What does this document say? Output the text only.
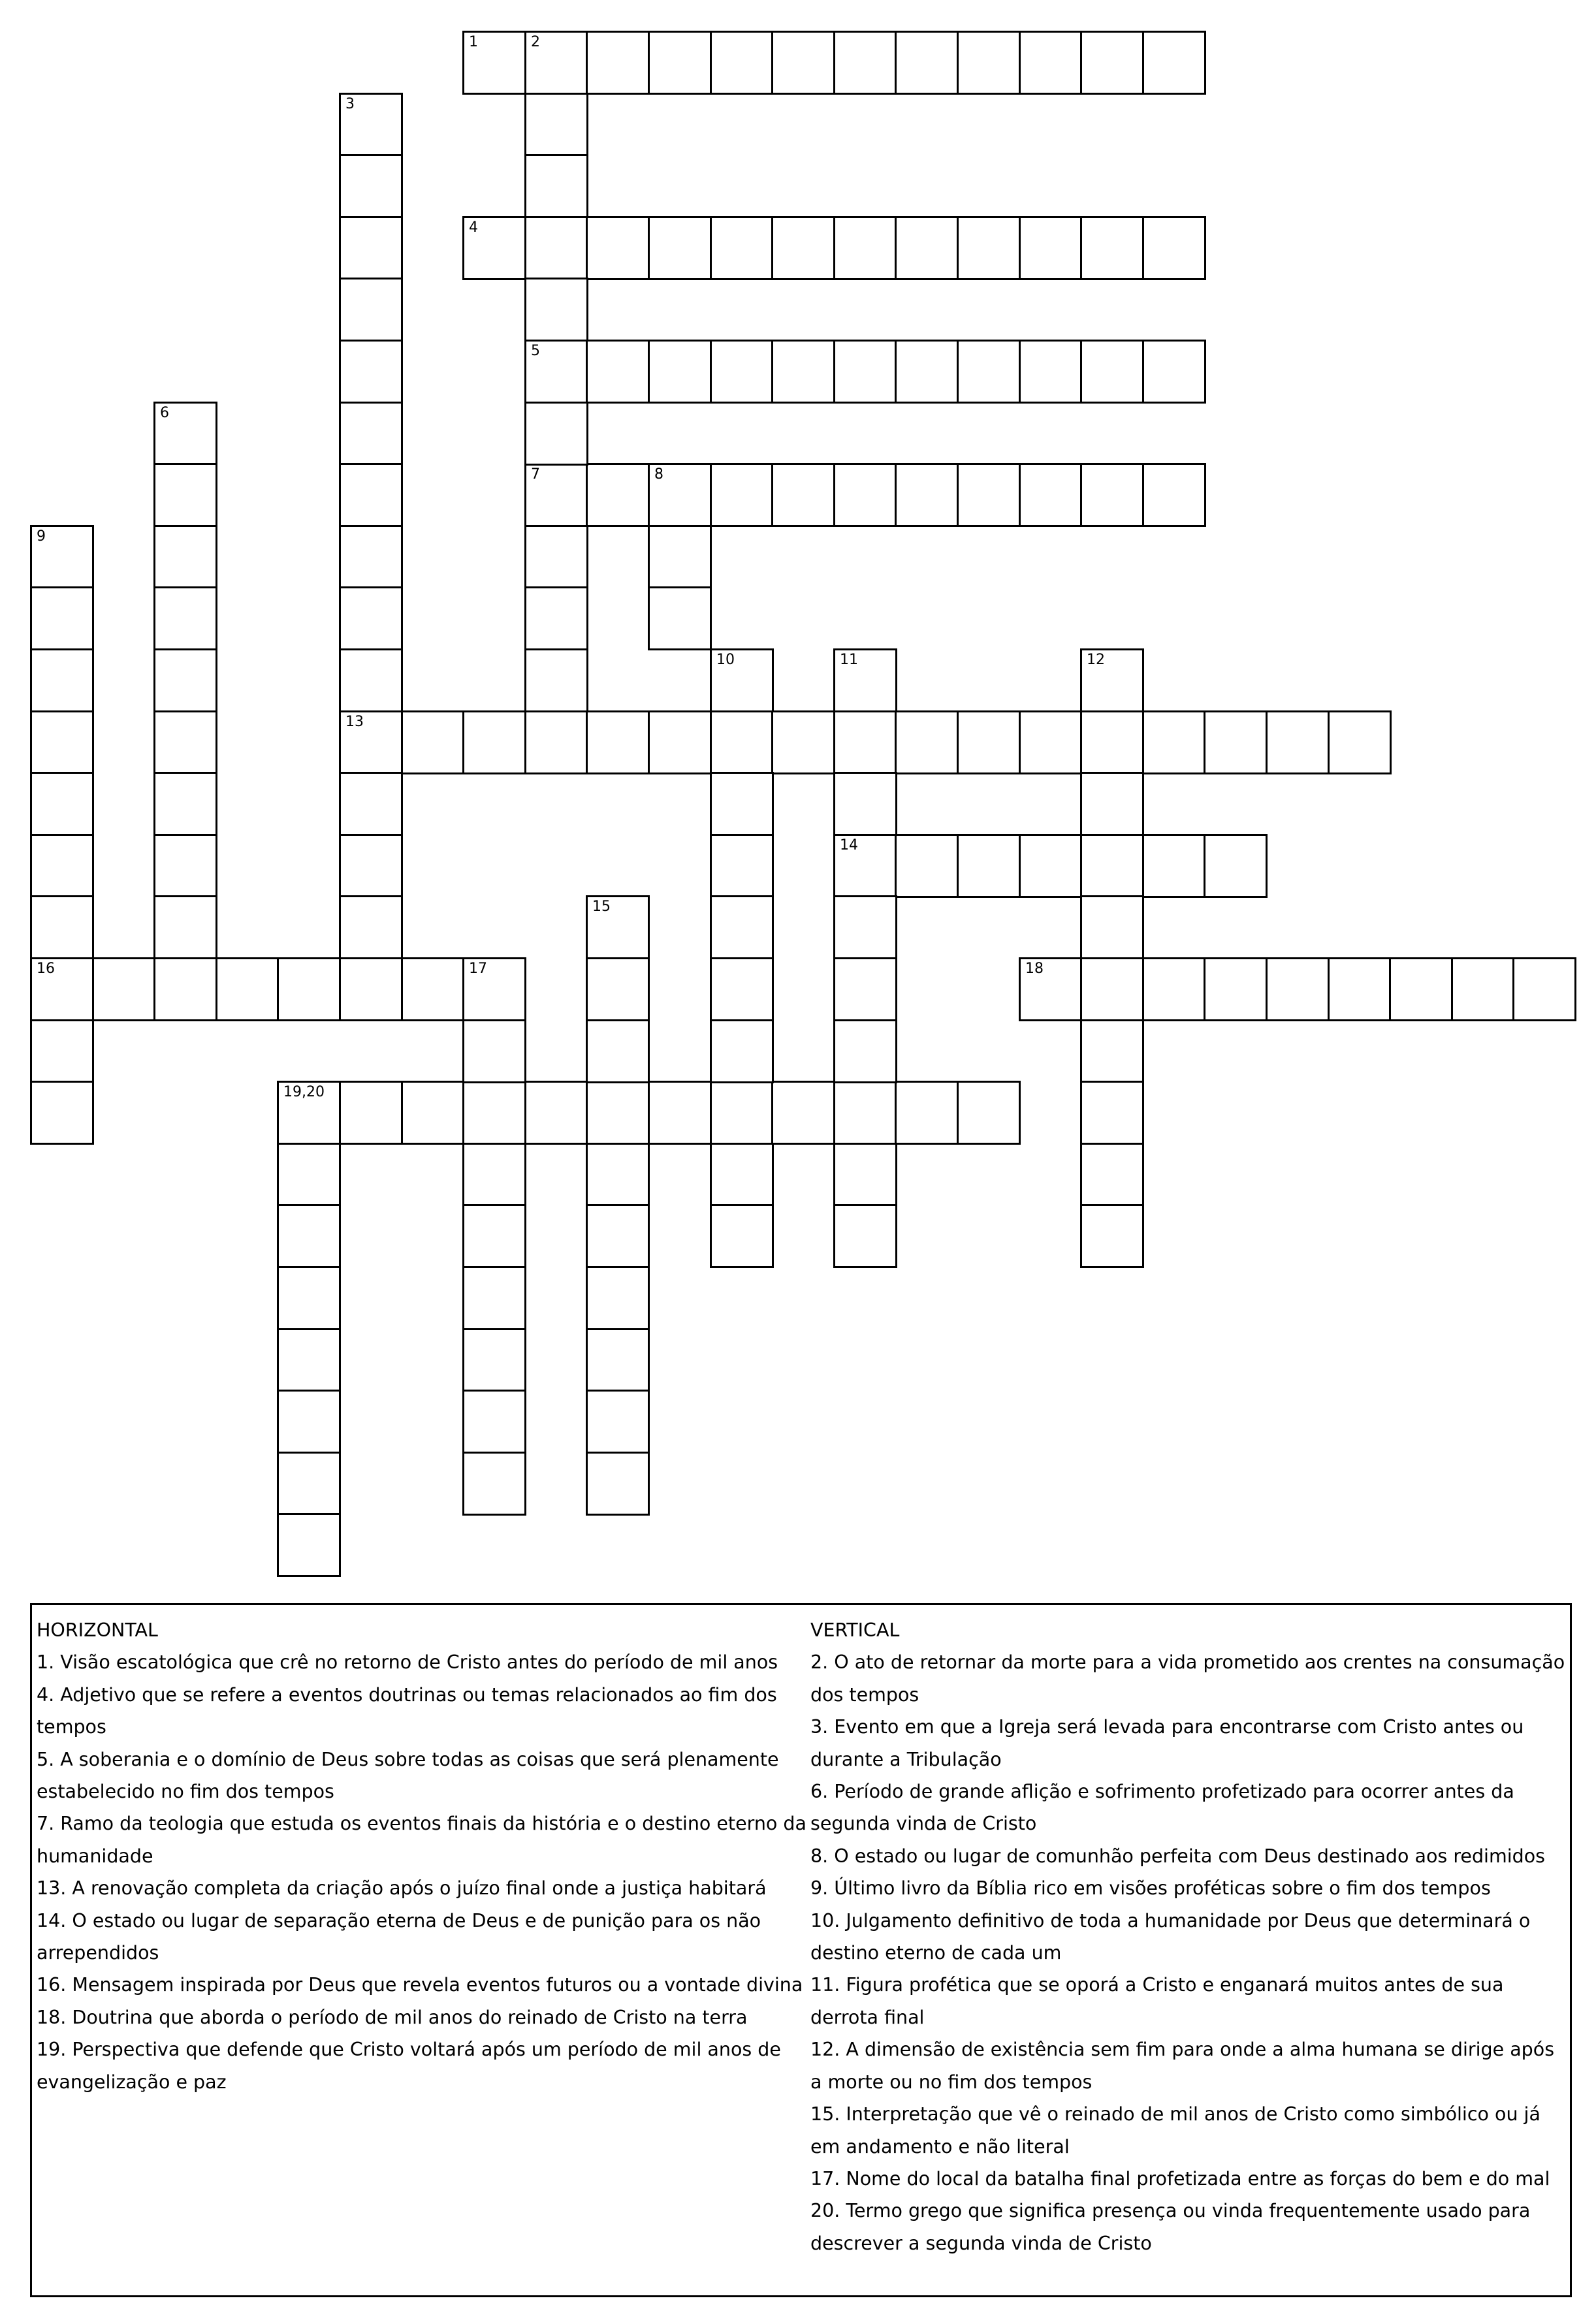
1	2
4
5
7	8
13
14
16	17	18
19,20
3
6
9
10	11	12
15
HORIZONTAL
1. Visão escatológica que crê no retorno de Cristo antes do período de mil anos
4. Adjetivo que se refere a eventos doutrinas ou temas relacionados ao fim dos tempos
5. A soberania e o domínio de Deus sobre todas as coisas que será plenamente estabelecido no fim dos tempos
7. Ramo da teologia que estuda os eventos finais da história e o destino eterno da humanidade
13. A renovação completa da criação após o juízo final onde a justiça habitará
14. O estado ou lugar de separação eterna de Deus e de punição para os não arrependidos
16. Mensagem inspirada por Deus que revela eventos futuros ou a vontade divina
18. Doutrina que aborda o período de mil anos do reinado de Cristo na terra
19. Perspectiva que defende que Cristo voltará após um período de mil anos de evangelização e paz
VERTICAL
2. O ato de retornar da morte para a vida prometido aos crentes na consumação dos tempos
3. Evento em que a Igreja será levada para encontrarse com Cristo antes ou durante a Tribulação
6. Período de grande aflição e sofrimento profetizado para ocorrer antes da segunda vinda de Cristo
8. O estado ou lugar de comunhão perfeita com Deus destinado aos redimidos
9. Último livro da Bíblia rico em visões proféticas sobre o fim dos tempos
10. Julgamento definitivo de toda a humanidade por Deus que determinará o destino eterno de cada um
11. Figura profética que se oporá a Cristo e enganará muitos antes de sua derrota final
12. A dimensão de existência sem fim para onde a alma humana se dirige após a morte ou no fim dos tempos
15. Interpretação que vê o reinado de mil anos de Cristo como simbólico ou já em andamento e não literal
17. Nome do local da batalha final profetizada entre as forças do bem e do mal
20. Termo grego que significa presença ou vinda frequentemente usado para descrever a segunda vinda de Cristo
